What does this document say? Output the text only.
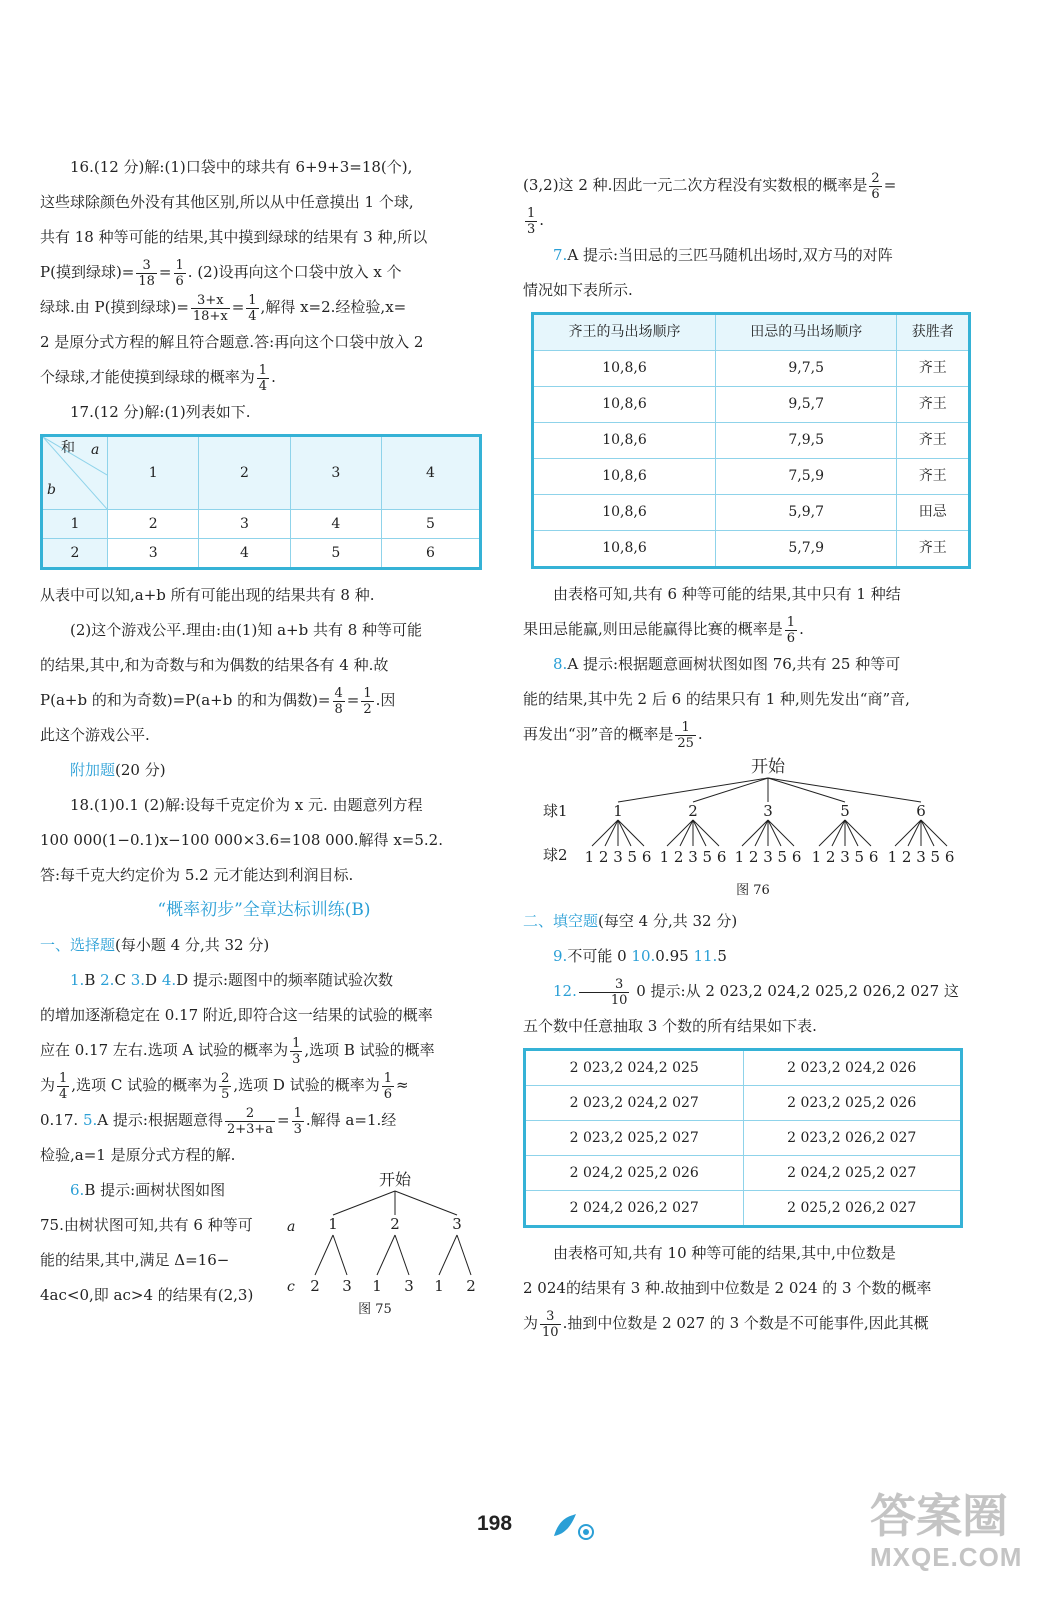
16.(12 分)解:(1)口袋中的球共有 6+9+3=18(个),

这些球除颜色外没有其他区别,所以从中任意摸出 1 个球,

共有 18 种等可能的结果,其中摸到绿球的结果有 3 种,所以

P(摸到绿球)= $\frac{3}{18} = \frac{1}{6}$ . (2)设再向这个口袋中放入 x 个

绿球.由 P(摸到绿球)= $\frac{3+x}{18+x} = \frac{1}{4}$ ,解得 x=2.经检验,x=

2 是原分式方程的解且符合题意.答:再向这个口袋中放入 2

个绿球,才能使摸到绿球的概率为 $\frac{1}{4}$ .

17.(12 分)解:(1)列表如下.

和 a
b	1	2	3	4
1	2	3	4	5
2	3	4	5	6

从表中可以知,a+b 所有可能出现的结果共有 8 种.

(2)这个游戏公平.理由:由(1)知 a+b 共有 8 种等可能

的结果,其中,和为奇数与和为偶数的结果各有 4 种.故

P(a+b 的和为奇数)=P(a+b 的和为偶数)= $\frac{4}{8} = \frac{1}{2}$ .因

此这个游戏公平.

附加题(20 分)

18.(1)0.1 (2)解:设每千克定价为 x 元. 由题意列方程

100 000(1−0.1)x−100 000×3.6=108 000.解得 x=5.2.

答:每千克大约定价为 5.2 元才能达到利润目标.

“概率初步”全章达标训练(B)

一、选择题(每小题 4 分,共 32 分)

1.B 2.C 3.D 4.D 提示:题图中的频率随试验次数

的增加逐渐稳定在 0.17 附近,即符合这一结果的试验的概率

应在 0.17 左右.选项 A 试验的概率为 $\frac{1}{3}$ ,选项 B 试验的概率

为 $\frac{1}{4}$ ,选项 C 试验的概率为 $\frac{2}{5}$ ,选项 D 试验的概率为 $\frac{1}{6}$ ≈

0.17. 5.A 提示:根据题意得 $\frac{2}{2+3+a} = \frac{1}{3}$ .解得 a=1.经

检验,a=1 是原分式方程的解.

6.B 提示:画树状图如图

75.由树状图可知,共有 6 种等可

能的结果,其中,满足 Δ=16−

4ac<0,即 ac>4 的结果有(2,3)

开始
a
c
1	2	3
2 3 1 3 1 2
图 75

(3,2)这 2 种.因此一元二次方程没有实数根的概率是 $\frac{2}{6}$ =

$\frac{1}{3}$ .

7.A 提示:当田忌的三匹马随机出场时,双方马的对阵

情况如下表所示.

齐王的马出场顺序	田忌的马出场顺序	获胜者
10,8,6	9,7,5	齐王
10,8,6	9,5,7	齐王
10,8,6	7,9,5	齐王
10,8,6	7,5,9	齐王
10,8,6	5,9,7	田忌
10,8,6	5,7,9	齐王

由表格可知,共有 6 种等可能的结果,其中只有 1 种结

果田忌能赢,则田忌能赢得比赛的概率是 $\frac{1}{6}$ .

8.A 提示:根据题意画树状图如图 76,共有 25 种等可

能的结果,其中先 2 后 6 的结果只有 1 种,则先发出“商”音,

再发出“羽”音的概率是 $\frac{1}{25}$ .

开始
球1
球2
1	2	3	5	6
1 2 3 5 6 1 2 3 5 6 1 2 3 5 6 1 2 3 5 6 1 2 3 5 6
图 76

二、填空题(每空 4 分,共 32 分)

9.不可能 0 10.0.95 11.5

12. $\frac{3}{10} 0$ 提示:从 2 023,2 024,2 025,2 026,2 027 这

五个数中任意抽取 3 个数的所有结果如下表.

2 023,2 024,2 025	2 023,2 024,2 026
2 023,2 024,2 027	2 023,2 025,2 026
2 023,2 025,2 027	2 023,2 026,2 027
2 024,2 025,2 026	2 024,2 025,2 027
2 024,2 026,2 027	2 025,2 026,2 027

由表格可知,共有 10 种等可能的结果,其中,中位数是

2 024的结果有 3 种.故抽到中位数是 2 024 的 3 个数的概率

为 $\frac{3}{10}$ .抽到中位数是 2 027 的 3 个数是不可能事件,因此其概

198	答案圈
MXQE.COM
